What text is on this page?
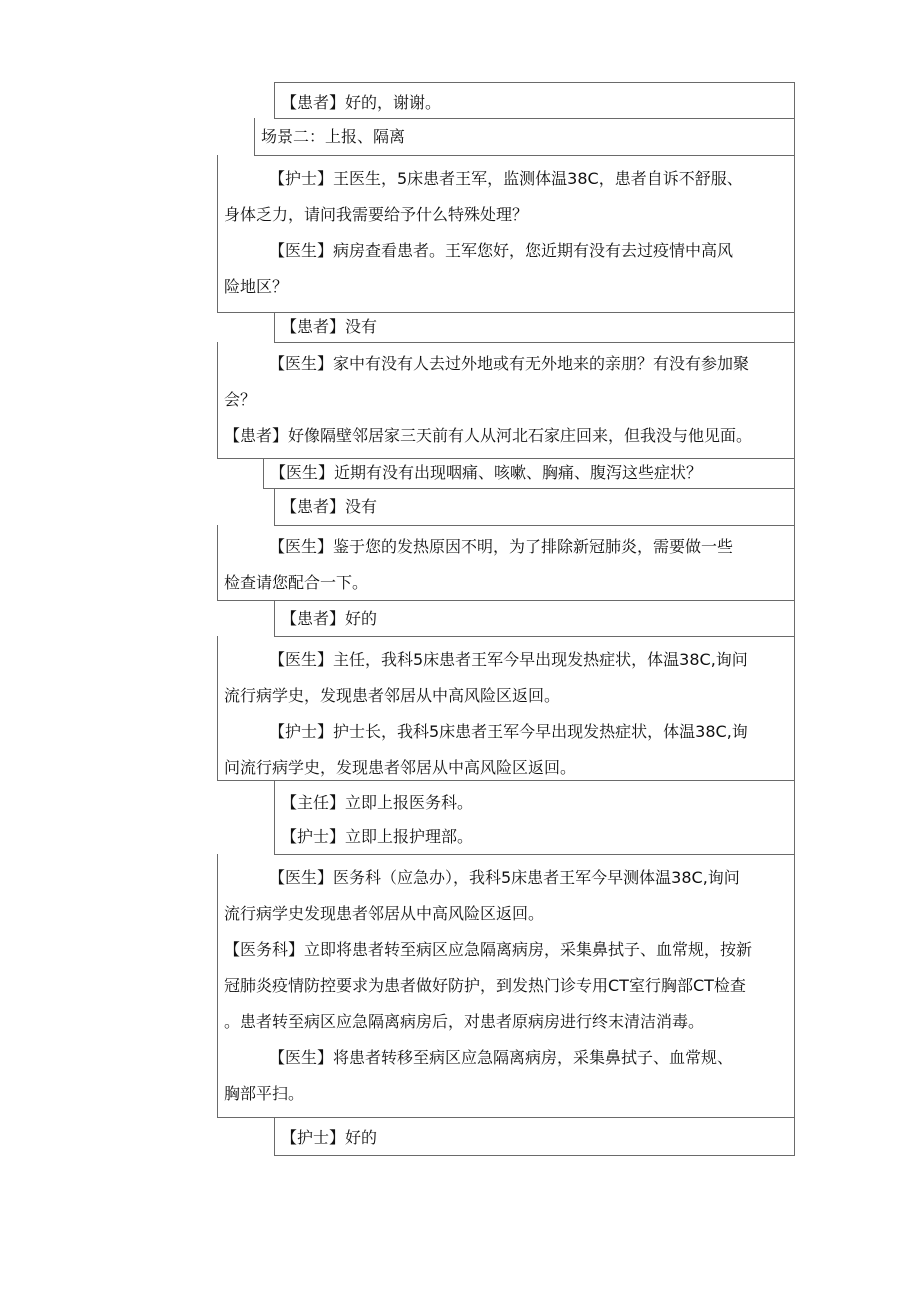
【患者】好的，谢谢。
场景二：上报、隔离
【护士】王医生，5床患者王军，监测体温38C，患者自诉不舒服、
身体乏力，请问我需要给予什么特殊处理？
【医生】病房查看患者。王军您好，您近期有没有去过疫情中高风
险地区？
【患者】没有
【医生】家中有没有人去过外地或有无外地来的亲朋？有没有参加聚
会？
【患者】好像隔壁邻居家三天前有人从河北石家庄回来，但我没与他见面。
【医生】近期有没有出现咽痛、咳嗽、胸痛、腹泻这些症状？
【患者】没有
【医生】鉴于您的发热原因不明，为了排除新冠肺炎，需要做一些
检查请您配合一下。
【患者】好的
【医生】主任，我科5床患者王军今早出现发热症状，体温38C,询问
流行病学史，发现患者邻居从中高风险区返回。
【护士】护士长，我科5床患者王军今早出现发热症状，体温38C,询
问流行病学史，发现患者邻居从中高风险区返回。
【主任】立即上报医务科。
【护士】立即上报护理部。
【医生】医务科（应急办），我科5床患者王军今早测体温38C,询问
流行病学史发现患者邻居从中高风险区返回。
【医务科】立即将患者转至病区应急隔离病房，采集鼻拭子、血常规，按新
冠肺炎疫情防控要求为患者做好防护，到发热门诊专用CT室行胸部CT检查
。患者转至病区应急隔离病房后，对患者原病房进行终末清洁消毒。
【医生】将患者转移至病区应急隔离病房，采集鼻拭子、血常规、
胸部平扫。
【护士】好的
